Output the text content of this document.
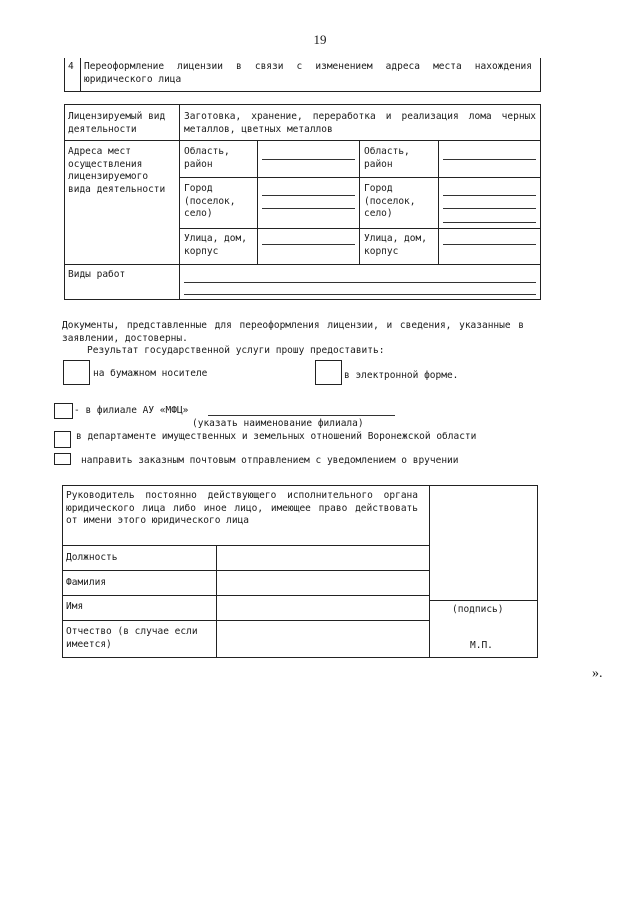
19
4 Переоформление лицензии в связи с изменением адреса места нахождения юридического лица
Лицензируемый вид деятельности
Заготовка, хранение, переработка и реализация лома черных металлов, цветных металлов
Адреса мест осуществления лицензируемого вида деятельности
Область, район
Город (поселок, село)
Улица, дом, корпус
Область, район
Город (поселок, село)
Улица, дом, корпус
Виды работ
Документы, представленные для переоформления лицензии, и сведения, указанные в заявлении, достоверны.
Результат государственной услуги прошу предоставить:
на бумажном носителе	в электронной форме.
- в филиале АУ «МФЦ»
(указать наименование филиала)
в департаменте имущественных и земельных отношений Воронежской области
направить заказным почтовым отправлением с уведомлением о вручении
Руководитель постоянно действующего исполнительного органа юридического лица либо иное лицо, имеющее право действовать от имени этого юридического лица
Должность
Фамилия
Имя
Отчество (в случае если имеется)
(подпись)
М.П.
».
